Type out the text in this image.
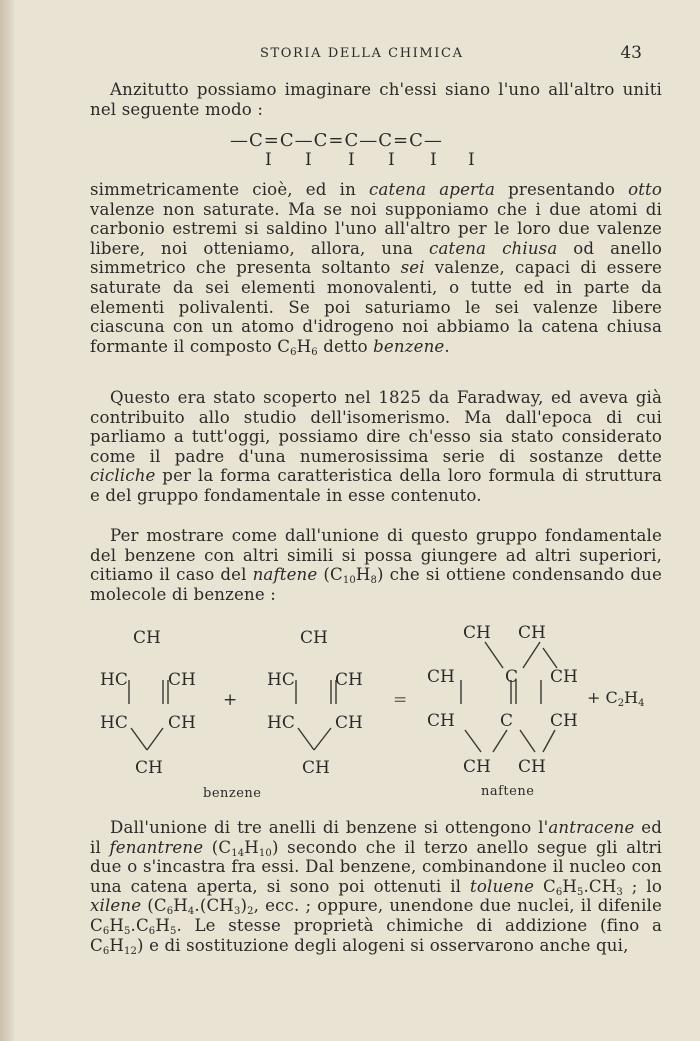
STORIA DELLA CHIMICA	43

Anzitutto possiamo imaginare ch'essi siano l'uno all'altro uniti nel seguente modo :

—C=C—C=C—C=C—
I I I I I I

simmetricamente cioè, ed in catena aperta presentando otto valenze non saturate. Ma se noi supponiamo che i due atomi di carbonio estremi si saldino l'uno all'altro per le loro due valenze libere, noi otteniamo, allora, una catena chiusa od anello simmetrico che presenta soltanto sei valenze, capaci di essere saturate da sei elementi monovalenti, o tutte ed in parte da elementi polivalenti. Se poi saturiamo le sei valenze libere ciascuna con un atomo d'idrogeno noi abbiamo la catena chiusa formante il composto $C_6H_6$ detto benzene.

Questo era stato scoperto nel 1825 da Faradway, ed aveva già contribuito allo studio dell'isomerismo. Ma dall'epoca di cui parliamo a tutt'oggi, possiamo dire ch'esso sia stato considerato come il padre d'una numerosissima serie di sostanze dette cicliche per la forma caratteristica della loro formula di struttura e del gruppo fondamentale in esse contenuto.

Per mostrare come dall'unione di questo gruppo fondamentale del benzene con altri simili si possa giungere ad altri superiori, citiamo il caso del naftene $(C_{10}H_8)$ che si ottiene condensando due molecole di benzene :

CH
HC CH
HC CH
CH
+
CH
HC CH
HC CH
CH
=
CH CH
CH	C CH
CH	C CH
CH CH
+ $C_2H_4$
benzene	naftene

Dall'unione di tre anelli di benzene si ottengono l'antracene ed il fenantrene $(C_{14}H_{10})$ secondo che il terzo anello segue gli altri due o s'incastra fra essi. Dal benzene, combinandone il nucleo con una catena aperta, si sono poi ottenuti il toluene $C_6H_5.CH_3$ ; lo xilene ($C_6H_4.(CH_3)_2$, ecc. ; oppure, unendone due nuclei, il difenile $C_6H_5.C_6H_5$. Le stesse proprietà chimiche di addizione (fino a $C_6H_{12}$) e di sostituzione degli alogeni si osservarono anche qui,
